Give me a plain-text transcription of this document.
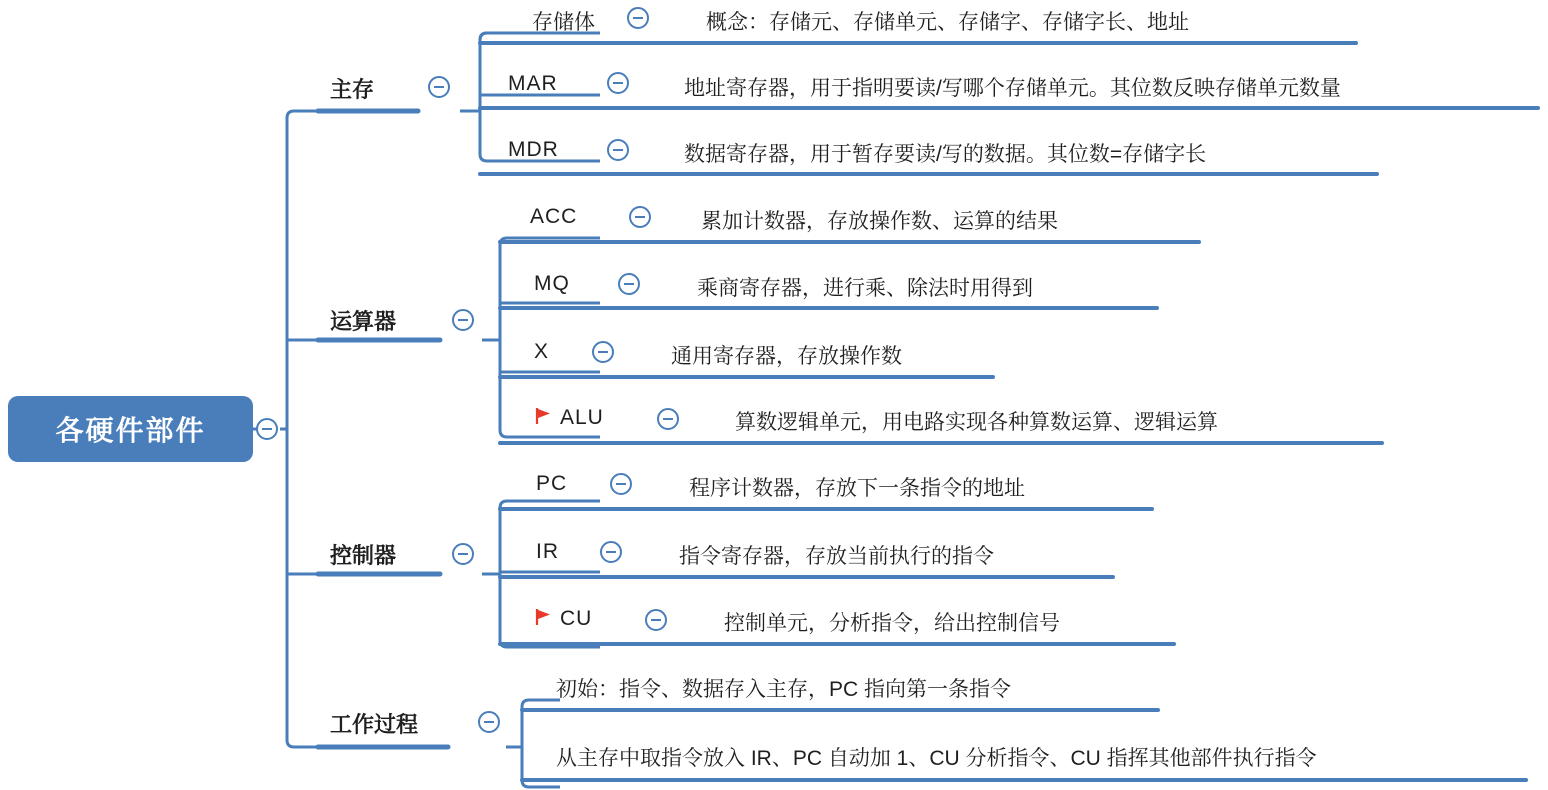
各硬件部件
主存
存储体	概念：存储元、存储单元、存储字、存储字长、地址
MAR	地址寄存器，用于指明要读/写哪个存储单元。其位数反映存储单元数量
MDR	数据寄存器，用于暂存要读/写的数据。其位数=存储字长
运算器
ACC	累加计数器，存放操作数、运算的结果
MQ	乘商寄存器，进行乘、除法时用得到
X	通用寄存器，存放操作数
ALU	算数逻辑单元，用电路实现各种算数运算、逻辑运算
控制器
PC	程序计数器，存放下一条指令的地址
IR	指令寄存器，存放当前执行的指令
CU	控制单元，分析指令，给出控制信号
工作过程
初始：指令、数据存入主存，PC 指向第一条指令
从主存中取指令放入 IR、PC 自动加 1、CU 分析指令、CU 指挥其他部件执行指令
